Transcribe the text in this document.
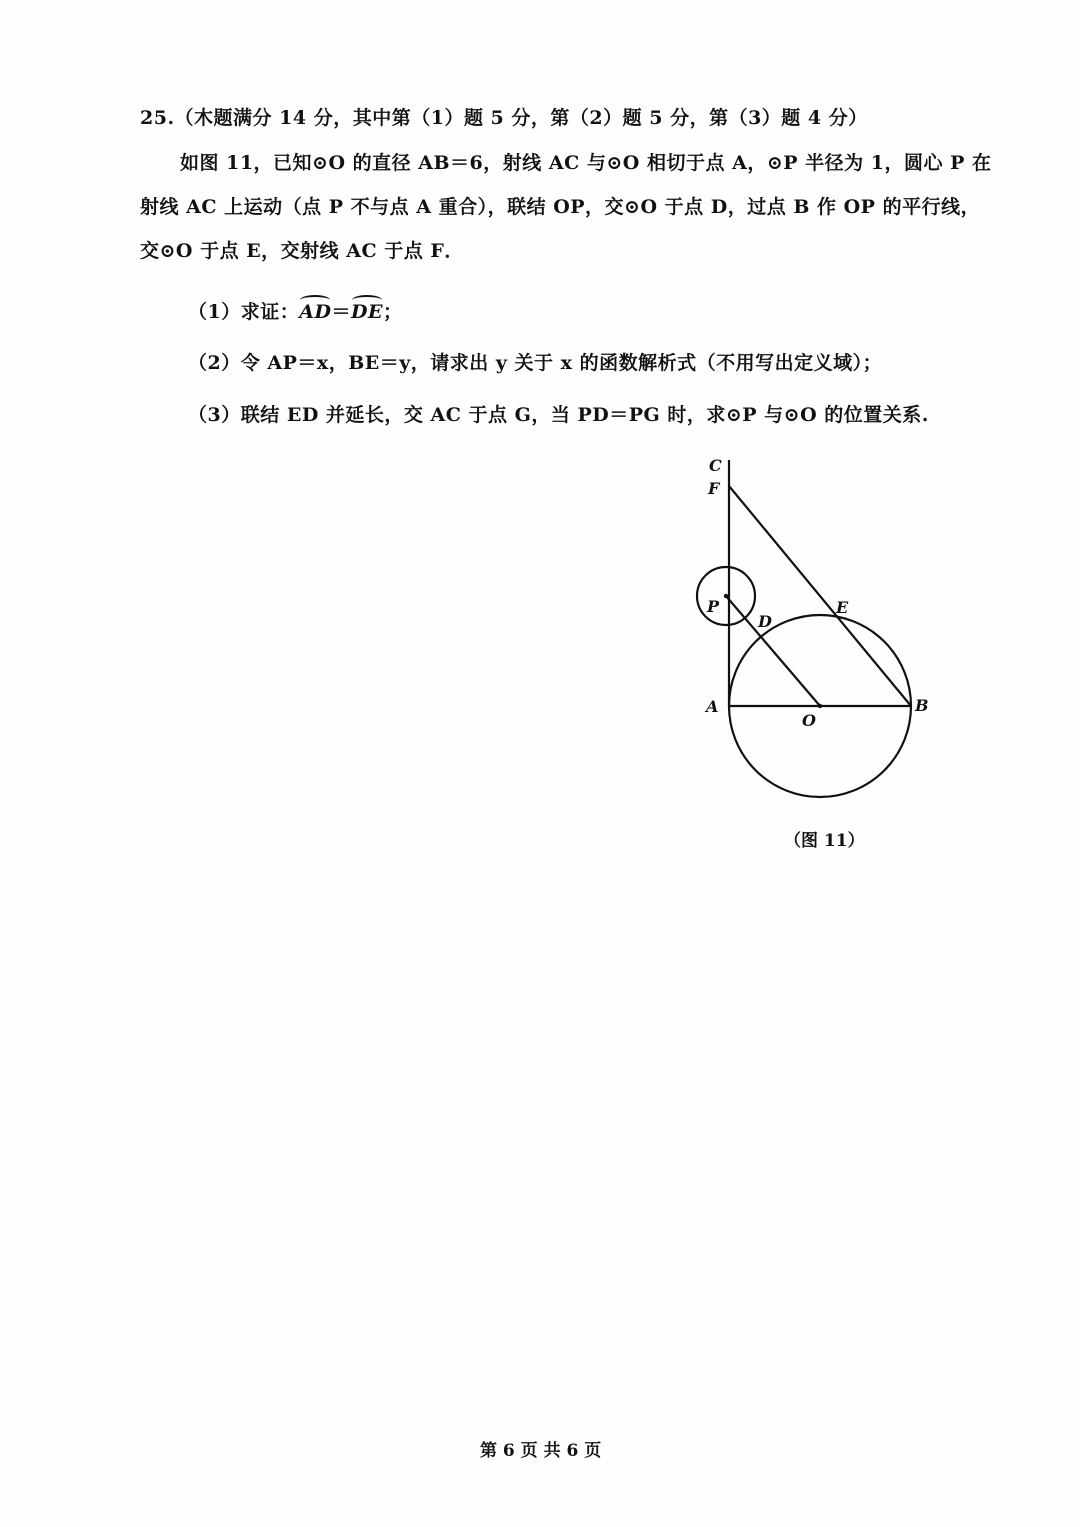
25.（木题满分 14 分，其中第（1）题 5 分，第（2）题 5 分，第（3）题 4 分）
如图 11，已知⊙O 的直径 AB＝6，射线 AC 与⊙O 相切于点 A，⊙P 半径为 1，圆心 P 在
射线 AC 上运动（点 P 不与点 A 重合），联结 OP，交⊙O 于点 D，过点 B 作 OP 的平行线，
交⊙O 于点 E，交射线 AC 于点 F．
（1）求证：AD＝DE；
（2）令 AP＝x，BE＝y，请求出 y 关于 x 的函数解析式（不用写出定义域）；
（3）联结 ED 并延长，交 AC 于点 G，当 PD＝PG 时，求⊙P 与⊙O 的位置关系.
C
F
P
D
E
A
O
B
（图 11）
第 6 页 共 6 页
